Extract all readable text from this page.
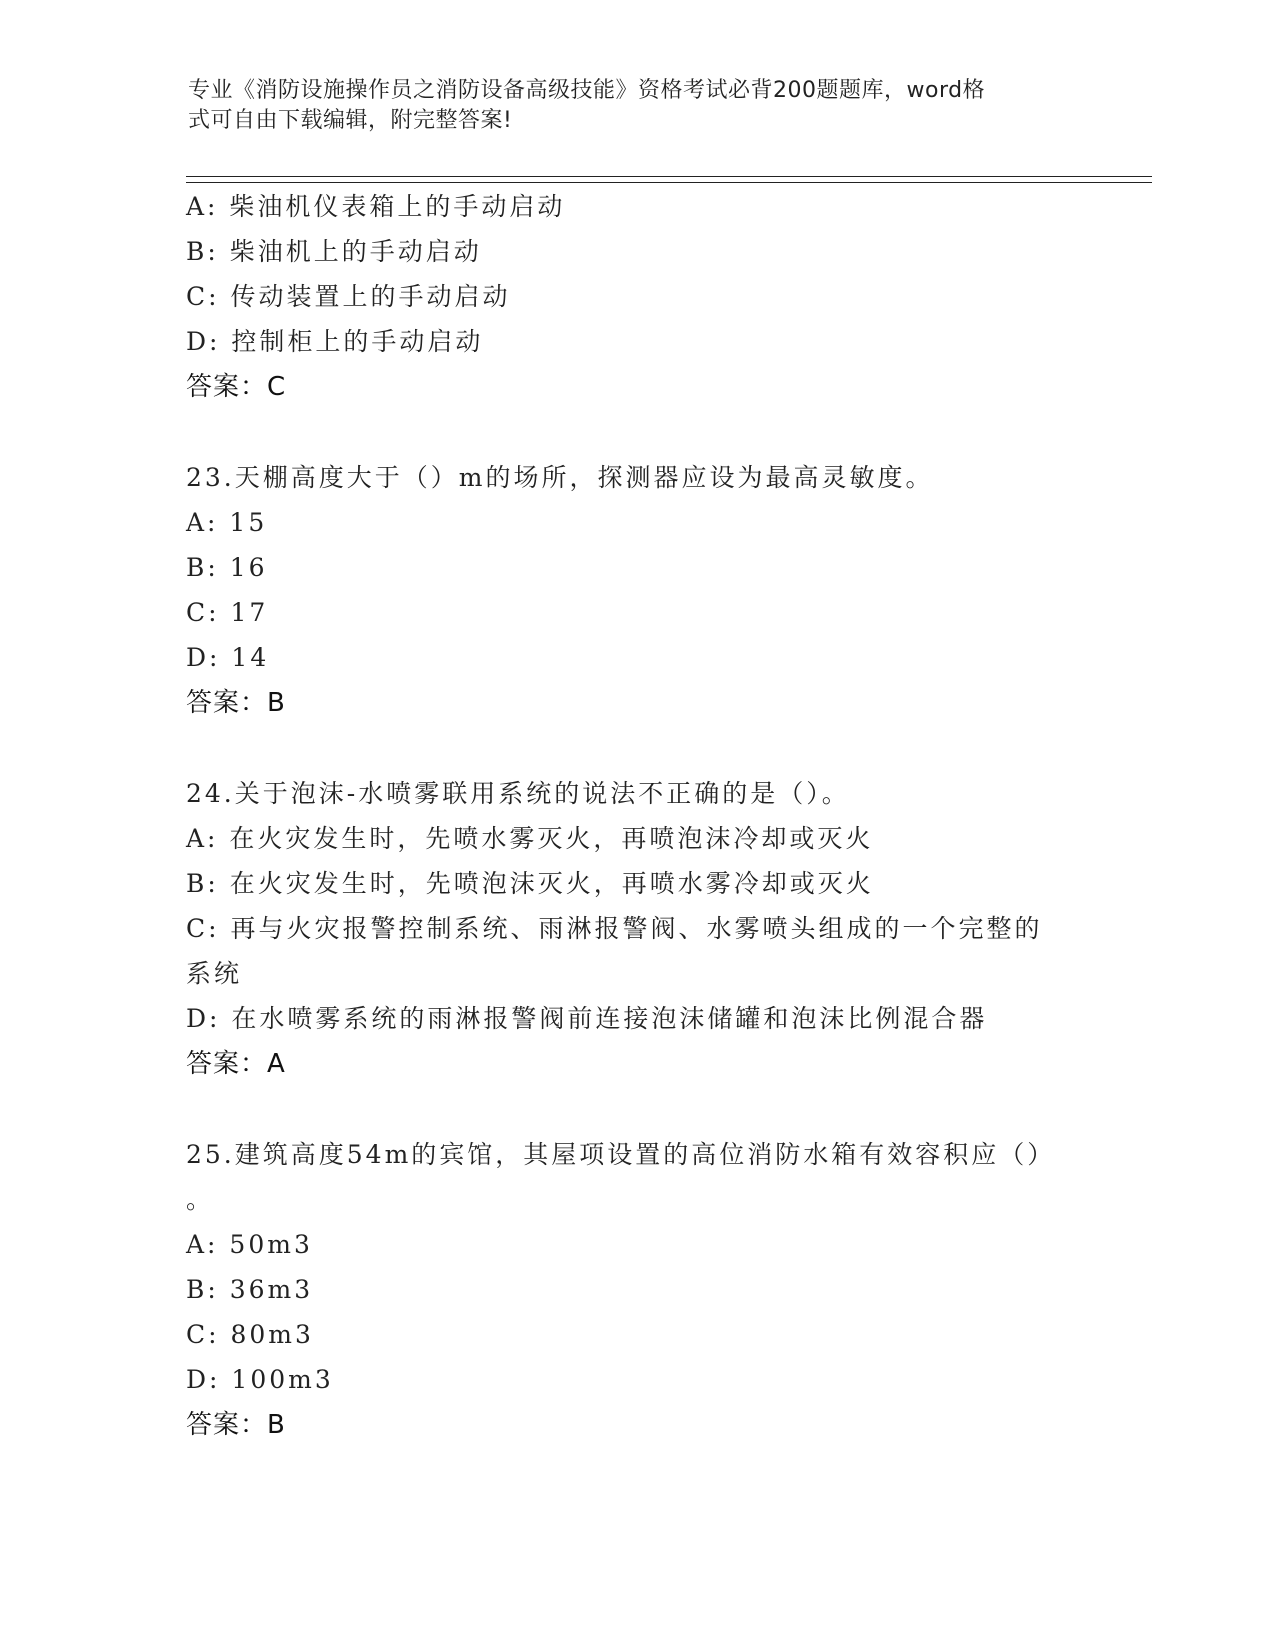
专业《消防设施操作员之消防设备高级技能》资格考试必背200题题库，word格
式可自由下载编辑，附完整答案!
A: 柴油机仪表箱上的手动启动
B: 柴油机上的手动启动
C: 传动装置上的手动启动
D: 控制柜上的手动启动
答案：C
23.天棚高度大于（）m的场所，探测器应设为最高灵敏度。
A: 15
B: 16
C: 17
D: 14
答案：B
24.关于泡沫-水喷雾联用系统的说法不正确的是（）。
A: 在火灾发生时，先喷水雾灭火，再喷泡沫冷却或灭火
B: 在火灾发生时，先喷泡沫灭火，再喷水雾冷却或灭火
C: 再与火灾报警控制系统、雨淋报警阀、水雾喷头组成的一个完整的
系统
D: 在水喷雾系统的雨淋报警阀前连接泡沫储罐和泡沫比例混合器
答案：A
25.建筑高度54m的宾馆，其屋项设置的高位消防水箱有效容积应（）
。
A: 50m3
B: 36m3
C: 80m3
D: 100m3
答案：B
